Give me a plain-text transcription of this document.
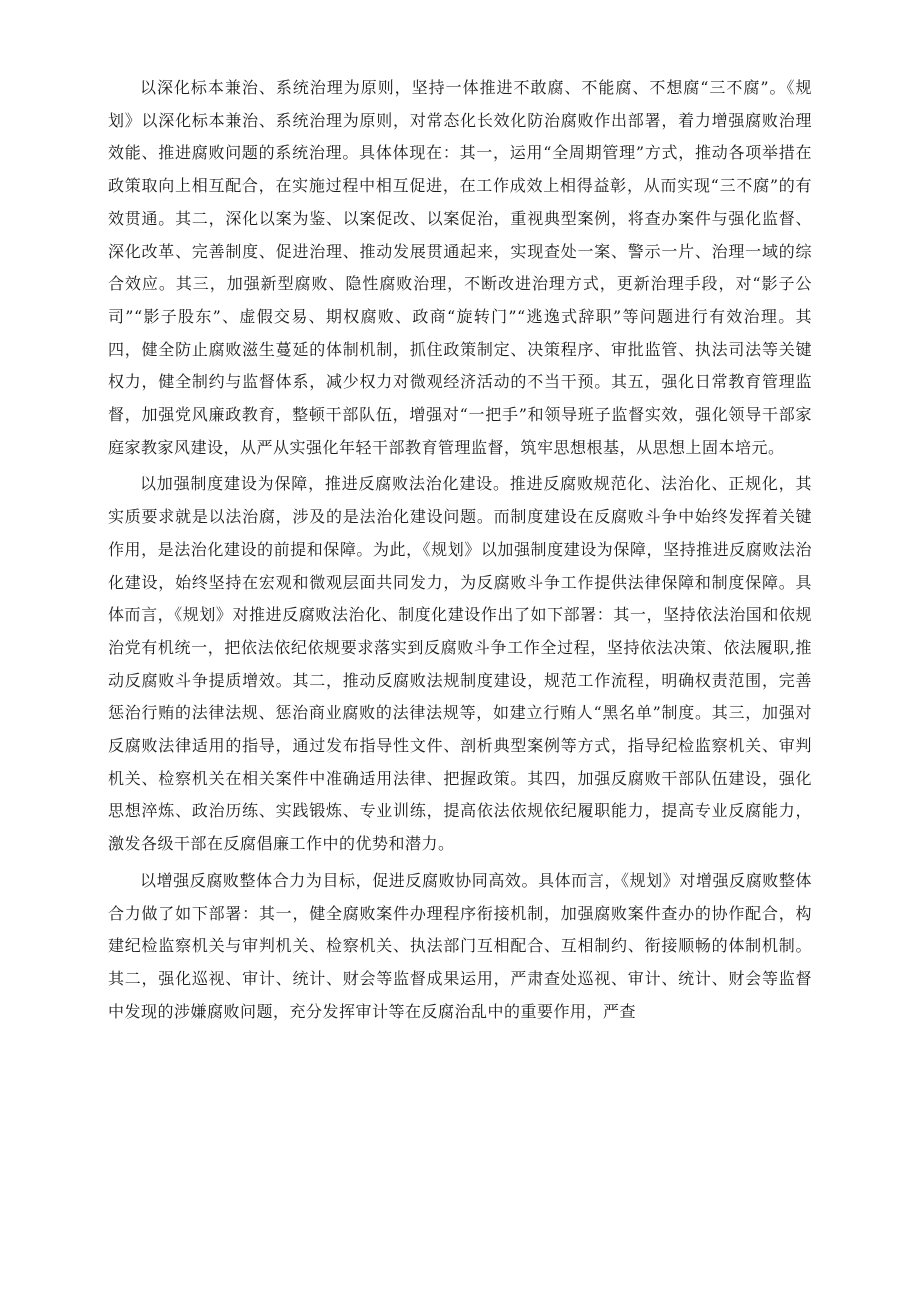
以深化标本兼治、系统治理为原则，坚持一体推进不敢腐、不能腐、不想腐“三不腐”。《规划》以深化标本兼治、系统治理为原则，对常态化长效化防治腐败作出部署，着力增强腐败治理效能、推进腐败问题的系统治理。具体体现在：其一，运用“全周期管理”方式，推动各项举措在政策取向上相互配合，在实施过程中相互促进，在工作成效上相得益彰，从而实现“三不腐”的有效贯通。其二，深化以案为鉴、以案促改、以案促治，重视典型案例，将查办案件与强化监督、深化改革、完善制度、促进治理、推动发展贯通起来，实现查处一案、警示一片、治理一域的综合效应。其三，加强新型腐败、隐性腐败治理，不断改进治理方式，更新治理手段，对“影子公司”“影子股东”、虚假交易、期权腐败、政商“旋转门”“逃逸式辞职”等问题进行有效治理。其四，健全防止腐败滋生蔓延的体制机制，抓住政策制定、决策程序、审批监管、执法司法等关键权力，健全制约与监督体系，减少权力对微观经济活动的不当干预。其五，强化日常教育管理监督，加强党风廉政教育，整顿干部队伍，增强对“一把手”和领导班子监督实效，强化领导干部家庭家教家风建设，从严从实强化年轻干部教育管理监督，筑牢思想根基，从思想上固本培元。

以加强制度建设为保障，推进反腐败法治化建设。推进反腐败规范化、法治化、正规化，其实质要求就是以法治腐，涉及的是法治化建设问题。而制度建设在反腐败斗争中始终发挥着关键作用，是法治化建设的前提和保障。为此，《规划》以加强制度建设为保障，坚持推进反腐败法治化建设，始终坚持在宏观和微观层面共同发力，为反腐败斗争工作提供法律保障和制度保障。具体而言，《规划》对推进反腐败法治化、制度化建设作出了如下部署：其一，坚持依法治国和依规治党有机统一，把依法依纪依规要求落实到反腐败斗争工作全过程，坚持依法决策、依法履职,推动反腐败斗争提质增效。其二，推动反腐败法规制度建设，规范工作流程，明确权责范围，完善惩治行贿的法律法规、惩治商业腐败的法律法规等，如建立行贿人“黑名单”制度。其三，加强对反腐败法律适用的指导，通过发布指导性文件、剖析典型案例等方式，指导纪检监察机关、审判机关、检察机关在相关案件中准确适用法律、把握政策。其四，加强反腐败干部队伍建设，强化思想淬炼、政治历练、实践锻炼、专业训练，提高依法依规依纪履职能力，提高专业反腐能力，激发各级干部在反腐倡廉工作中的优势和潜力。

以增强反腐败整体合力为目标，促进反腐败协同高效。具体而言，《规划》对增强反腐败整体合力做了如下部署：其一，健全腐败案件办理程序衔接机制，加强腐败案件查办的协作配合，构建纪检监察机关与审判机关、检察机关、执法部门互相配合、互相制约、衔接顺畅的体制机制。其二，强化巡视、审计、统计、财会等监督成果运用，严肃查处巡视、审计、统计、财会等监督中发现的涉嫌腐败问题，充分发挥审计等在反腐治乱中的重要作用，严查
